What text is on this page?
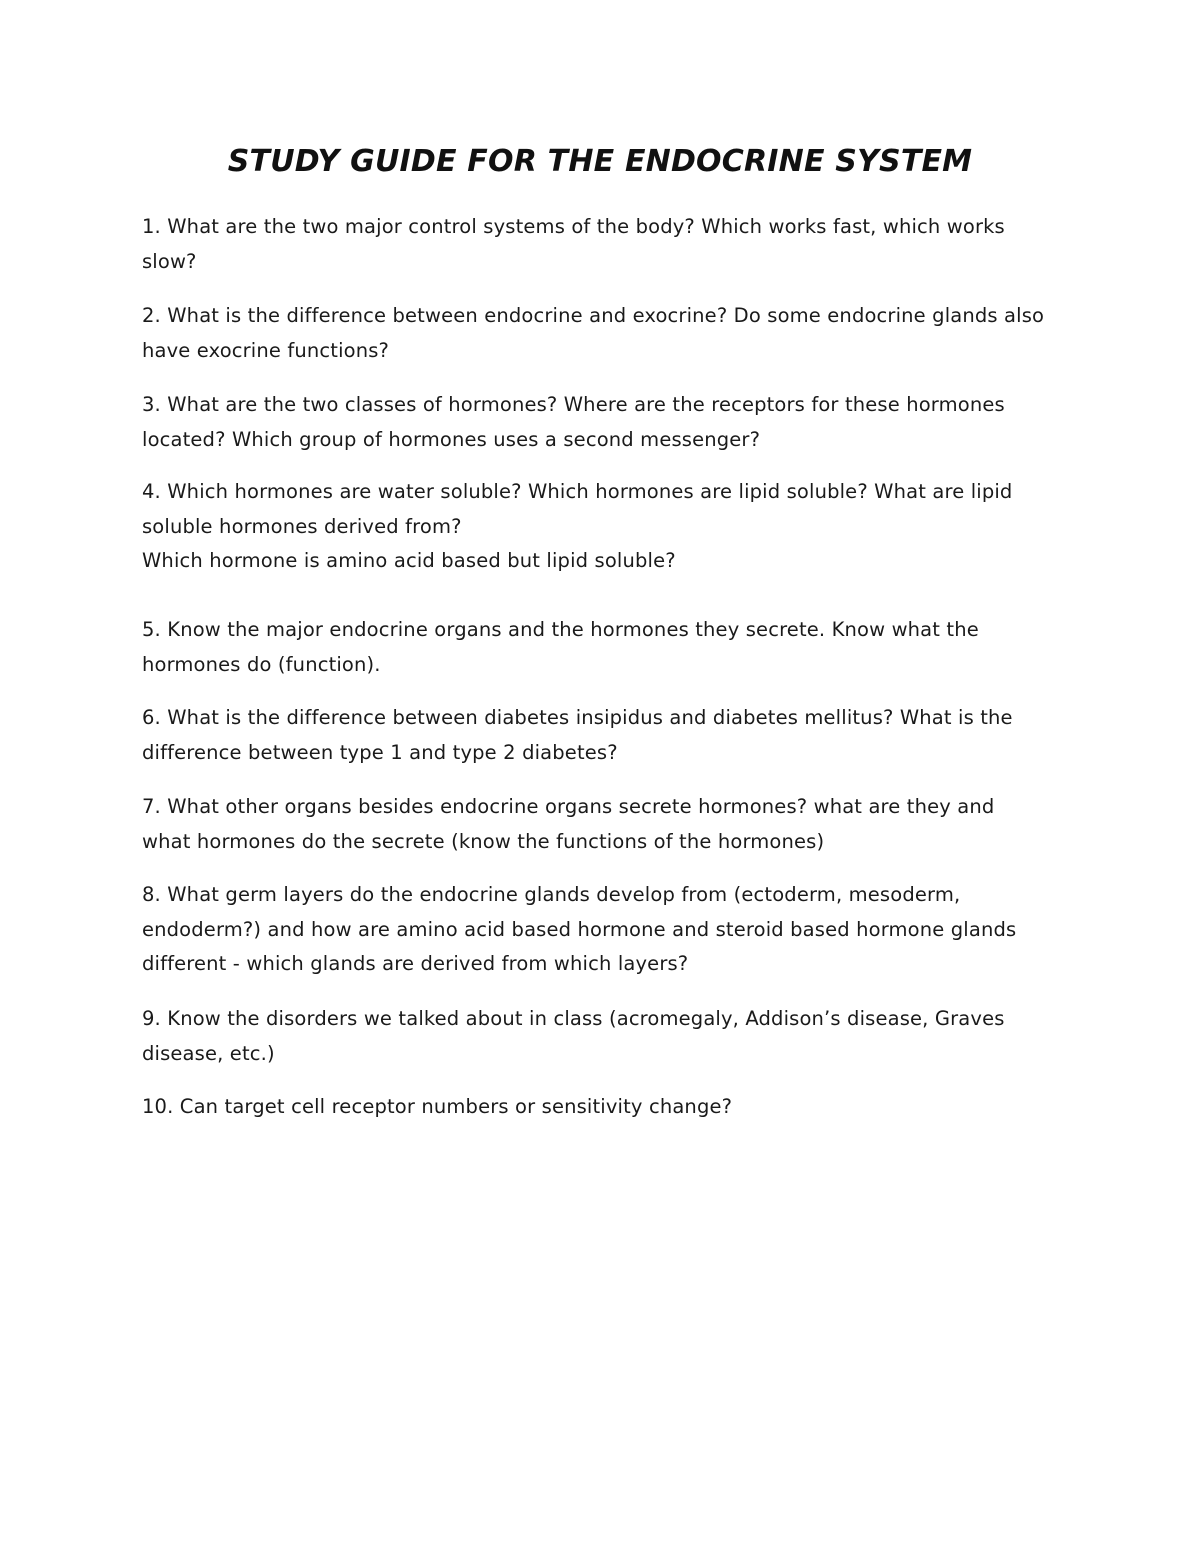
STUDY GUIDE FOR THE ENDOCRINE SYSTEM

1. What are the two major control systems of the body? Which works fast, which works
slow?

2. What is the difference between endocrine and exocrine? Do some endocrine glands also
have exocrine functions?

3. What are the two classes of hormones? Where are the receptors for these hormones
located? Which group of hormones uses a second messenger?

4. Which hormones are water soluble? Which hormones are lipid soluble? What are lipid
soluble hormones derived from?
Which hormone is amino acid based but lipid soluble?

5. Know the major endocrine organs and the hormones they secrete. Know what the
hormones do (function).

6. What is the difference between diabetes insipidus and diabetes mellitus? What is the
difference between type 1 and type 2 diabetes?

7. What other organs besides endocrine organs secrete hormones? what are they and
what hormones do the secrete (know the functions of the hormones)

8. What germ layers do the endocrine glands develop from (ectoderm, mesoderm,
endoderm?) and how are amino acid based hormone and steroid based hormone glands
different - which glands are derived from which layers?

9. Know the disorders we talked about in class (acromegaly, Addison’s disease, Graves
disease, etc.)

10. Can target cell receptor numbers or sensitivity change?
